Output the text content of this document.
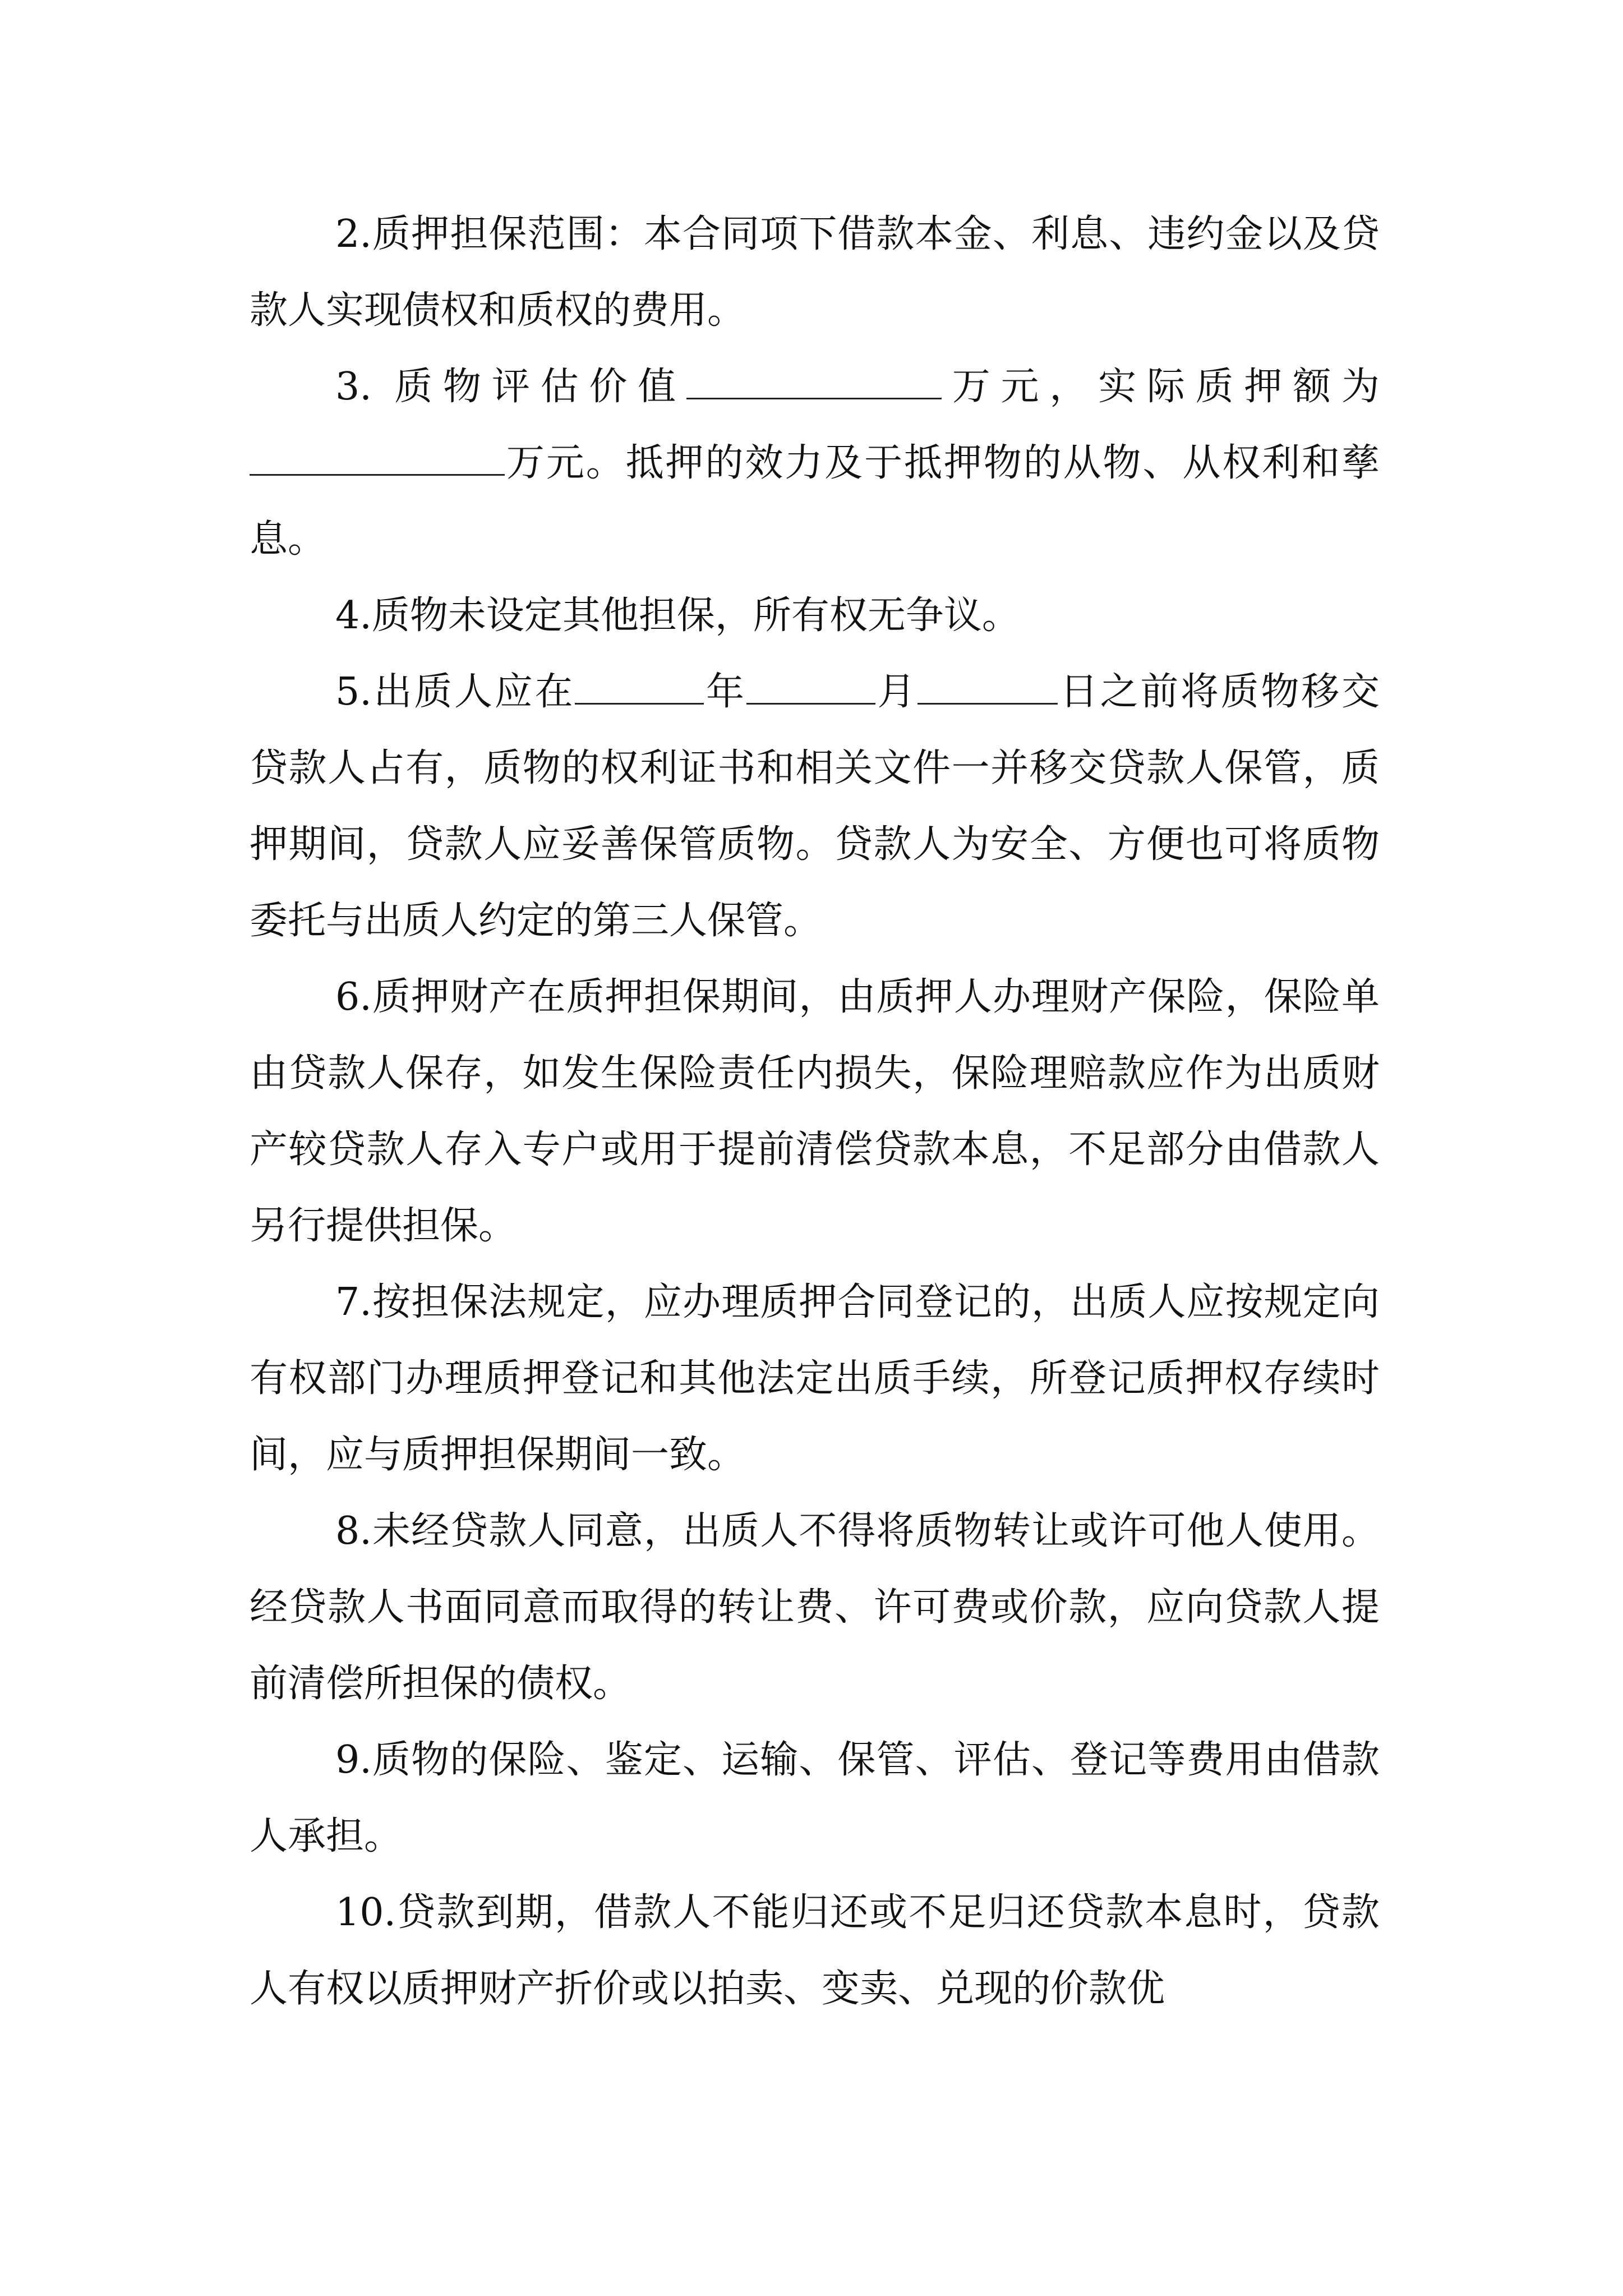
2.质押担保范围：本合同项下借款本金、利息、违约金以及贷款人实现债权和质权的费用。

3. 质物评估价值	万元，实际质押额为万元。抵押的效力及于抵押物的从物、从权利和孳息。

4.质物未设定其他担保，所有权无争议。

5.出质人应在	年	月	日之前将质物移交贷款人占有，质物的权利证书和相关文件一并移交贷款人保管，质押期间，贷款人应妥善保管质物。贷款人为安全、方便也可将质物委托与出质人约定的第三人保管。

6.质押财产在质押担保期间，由质押人办理财产保险，保险单由贷款人保存，如发生保险责任内损失，保险理赔款应作为出质财产较贷款人存入专户或用于提前清偿贷款本息，不足部分由借款人另行提供担保。

7.按担保法规定，应办理质押合同登记的，出质人应按规定向有权部门办理质押登记和其他法定出质手续，所登记质押权存续时间，应与质押担保期间一致。

8.未经贷款人同意，出质人不得将质物转让或许可他人使用。经贷款人书面同意而取得的转让费、许可费或价款，应向贷款人提前清偿所担保的债权。

9.质物的保险、鉴定、运输、保管、评估、登记等费用由借款人承担。

10.贷款到期，借款人不能归还或不足归还贷款本息时，贷款人有权以质押财产折价或以拍卖、变卖、兑现的价款优
